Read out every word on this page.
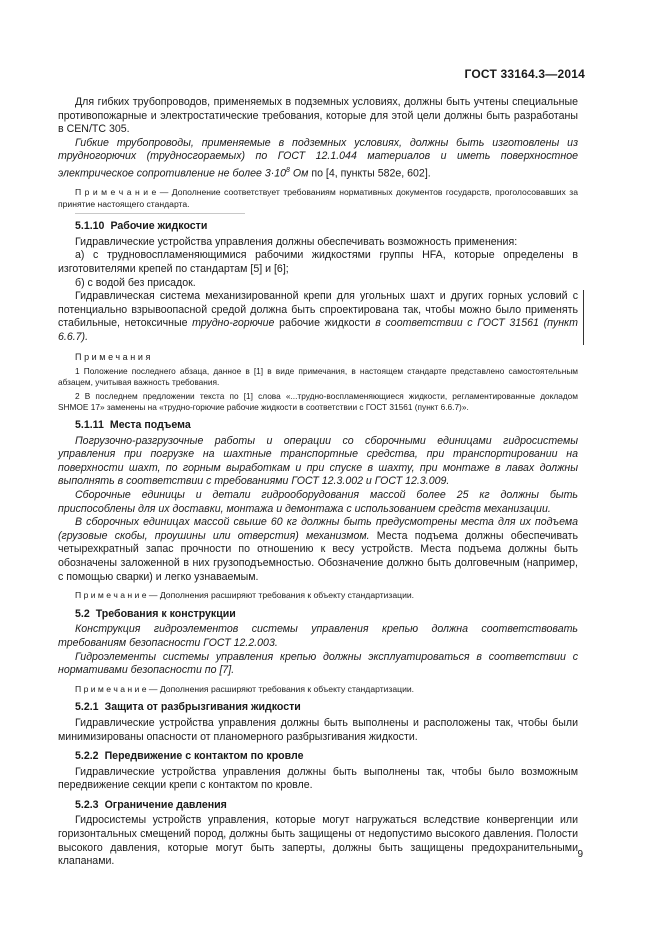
ГОСТ 33164.3—2014

Для гибких трубопроводов, применяемых в подземных условиях, должны быть учтены специальные противопожарные и электростатические требования, которые для этой цели должны быть разработаны в CEN/TC 305.

Гибкие трубопроводы, применяемые в подземных условиях, должны быть изготовлены из трудногорючих (трудносгораемых) по ГОСТ 12.1.044 материалов и иметь поверхностное электрическое сопротивление не более $3\cdot 10^8$ Ом по [4, пункты 582е, 602].

П р и м е ч а н и е — Дополнение соответствует требованиям нормативных документов государств, проголосовавших за принятие настоящего стандарта.
5.1.10 Рабочие жидкости

Гидравлические устройства управления должны обеспечивать возможность применения:

а) с трудновоспламеняющимися рабочими жидкостями группы HFA, которые определены в изготовителями крепей по стандартам [5] и [6];

б) с водой без присадок.

Гидравлическая система механизированной крепи для угольных шахт и других горных условий с потенциально взрывоопасной средой должна быть спроектирована так, чтобы можно было применять стабильные, нетоксичные трудно-горючие рабочие жидкости в соответствии с ГОСТ 31561 (пункт 6.6.7).

Примечания
1 Положение последнего абзаца, данное в [1] в виде примечания, в настоящем стандарте представлено самостоятельным абзацем, учитывая важность требования.
2 В последнем предложении текста по [1] слова «...трудно-воспламеняющиеся жидкости, регламентированные докладом SHMOE 17» заменены на «трудно-горючие рабочие жидкости в соответствии с ГОСТ 31561 (пункт 6.6.7)».
5.1.11 Места подъема

Погрузочно-разгрузочные работы и операции со сборочными единицами гидросистемы управления при погрузке на шахтные транспортные средства, при транспортировании на поверхности шахт, по горным выработкам и при спуске в шахту, при монтаже в лавах должны выполнять в соответствии с требованиями ГОСТ 12.3.002 и ГОСТ 12.3.009.

Сборочные единицы и детали гидрооборудования массой более 25 кг должны быть приспособлены для их доставки, монтажа и демонтажа с использованием средств механизации.

В сборочных единицах массой свыше 60 кг должны быть предусмотрены места для их подъема (грузовые скобы, проушины или отверстия) механизмом. Места подъема должны обеспечивать четырехкратный запас прочности по отношению к весу устройств. Места подъема должны быть обозначены заложенной в них грузоподъемностью. Обозначение должно быть долговечным (например, с помощью сварки) и легко узнаваемым.

П р и м е ч а н и е — Дополнения расширяют требования к объекту стандартизации.
5.2 Требования к конструкции

Конструкция гидроэлементов системы управления крепью должна соответствовать требованиям безопасности ГОСТ 12.2.003.

Гидроэлементы системы управления крепью должны эксплуатироваться в соответствии с нормативами безопасности по [7].

П р и м е ч а н и е — Дополнения расширяют требования к объекту стандартизации.
5.2.1 Защита от разбрызгивания жидкости

Гидравлические устройства управления должны быть выполнены и расположены так, чтобы были минимизированы опасности от планомерного разбрызгивания жидкости.

5.2.2 Передвижение с контактом по кровле

Гидравлические устройства управления должны быть выполнены так, чтобы было возможным передвижение секции крепи с контактом по кровле.

5.2.3 Ограничение давления

Гидросистемы устройств управления, которые могут нагружаться вследствие конвергенции или горизонтальных смещений пород, должны быть защищены от недопустимо высокого давления. Полости высокого давления, которые могут быть заперты, должны быть защищены предохранительными клапанами.

9
